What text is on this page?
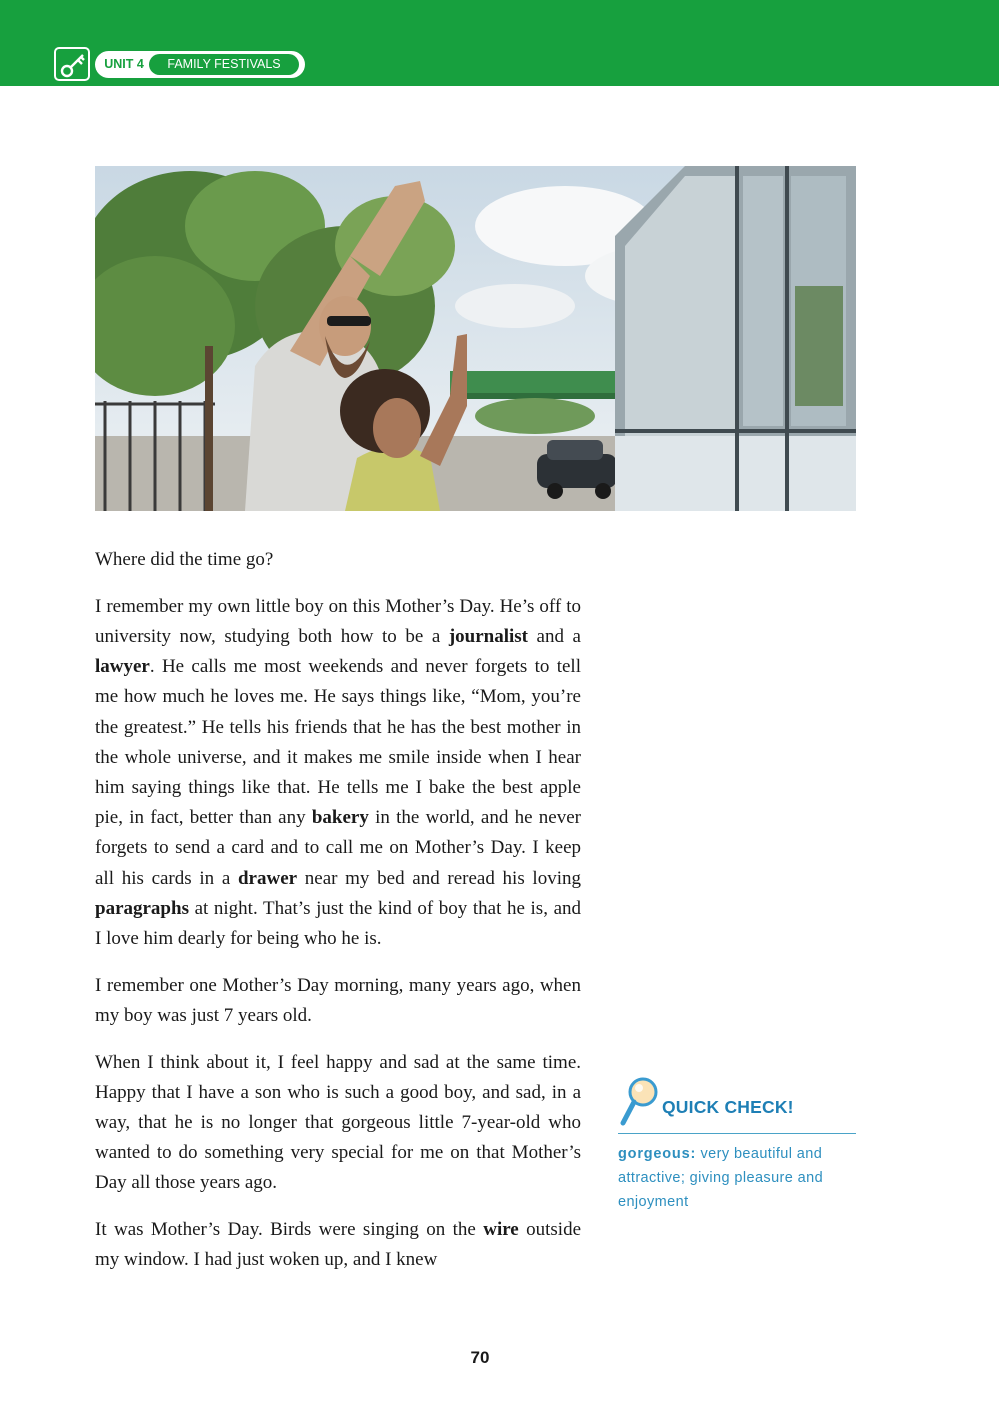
UNIT 4	FAMILY FESTIVALS

Where did the time go?

I remember my own little boy on this Mother’s Day. He’s off to university now, studying both how to be a journalist and a lawyer. He calls me most weekends and never forgets to tell me how much he loves me. He says things like, “Mom, you’re the greatest.” He tells his friends that he has the best mother in the whole universe, and it makes me smile inside when I hear him saying things like that. He tells me I bake the best apple pie, in fact, better than any bakery in the world, and he never forgets to send a card and to call me on Mother’s Day. I keep all his cards in a drawer near my bed and reread his loving paragraphs at night. That’s just the kind of boy that he is, and I love him dearly for being who he is.

I remember one Mother’s Day morning, many years ago, when my boy was just 7 years old.

When I think about it, I feel happy and sad at the same time. Happy that I have a son who is such a good boy, and sad, in a way, that he is no longer that gorgeous little 7-year-old who wanted to do something very special for me on that Mother’s Day all those years ago.

It was Mother’s Day. Birds were singing on the wire outside my window. I had just woken up, and I knew

QUICK CHECK!
gorgeous: very beautiful and attractive; giving pleasure and enjoyment
70
